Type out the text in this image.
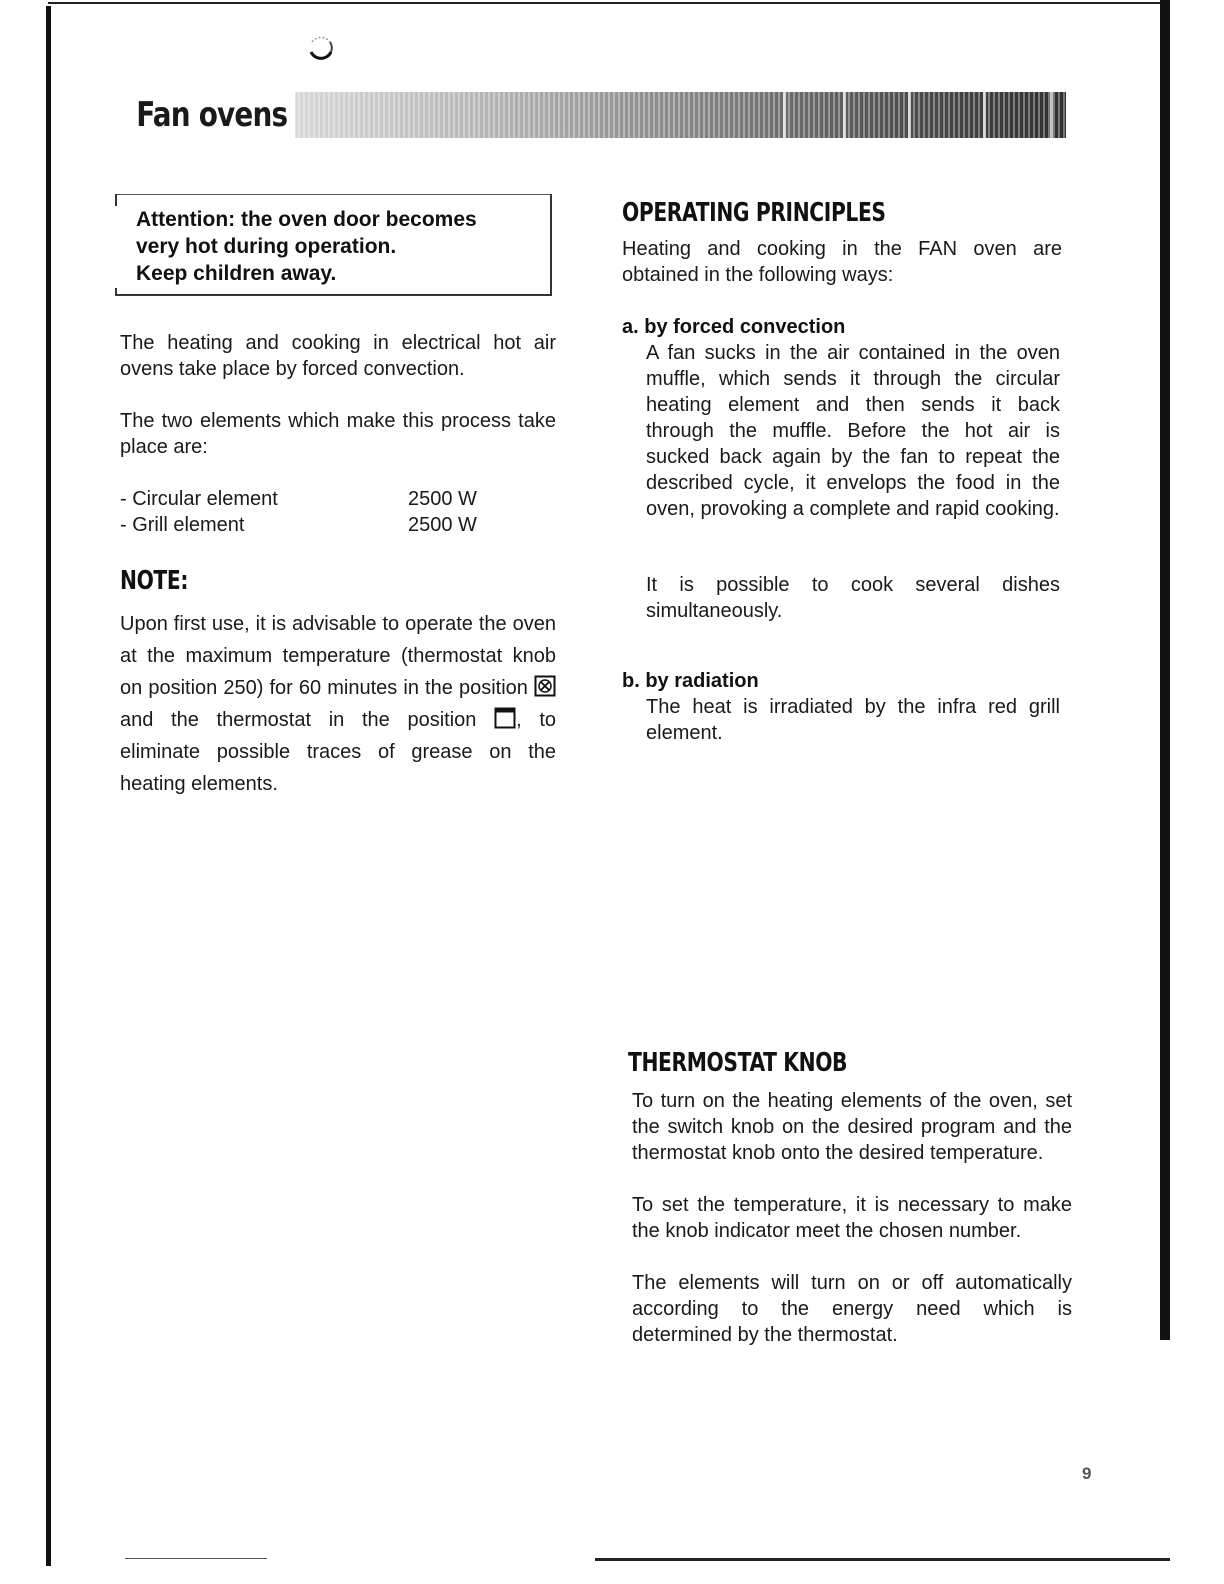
Fan ovens
Attention: the oven door becomes
very hot during operation.
Keep children away.
The heating and cooking in electrical hot air ovens take place by forced convection.
The two elements which make this process take place are:
- Circular element	2500 W
- Grill element	2500 W
NOTE:
Upon first use, it is advisable to operate the oven at the maximum temperature (thermostat knob on position 250) for 60 minutes in the position  and the thermostat in the position , to eliminate possible traces of grease on the heating elements.
OPERATING PRINCIPLES
Heating and cooking in the FAN oven are obtained in the following ways:
a. by forced convection
A fan sucks in the air contained in the oven muffle, which sends it through the circular heating element and then sends it back through the muffle. Before the hot air is sucked back again by the fan to repeat the described cycle, it envelops the food in the oven, provoking a complete and rapid cooking.
It is possible to cook several dishes simultaneously.
b. by radiation
The heat is irradiated by the infra red grill element.
THERMOSTAT KNOB
To turn on the heating elements of the oven, set the switch knob on the desired program and the thermostat knob onto the desired temperature.
To set the temperature, it is necessary to make the knob indicator meet the chosen number.
The elements will turn on or off automatically according to the energy need which is determined by the thermostat.
9
